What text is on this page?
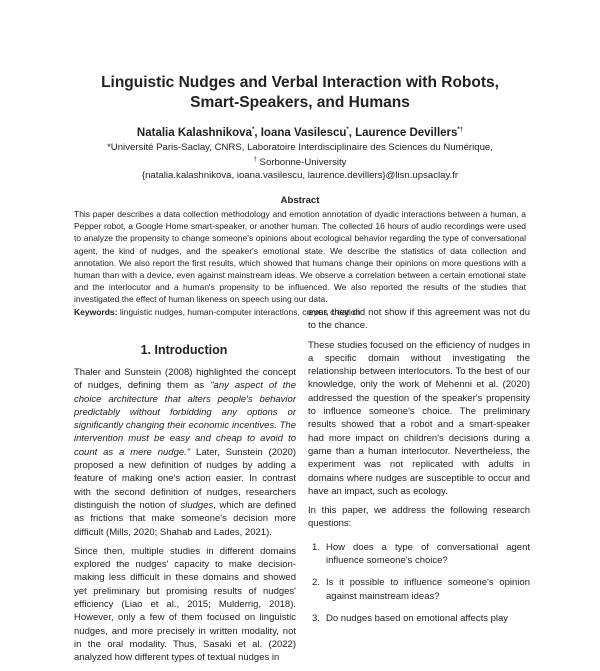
Linguistic Nudges and Verbal Interaction with Robots,
Smart-Speakers, and Humans
Natalia Kalashnikova*, Ioana Vasilescu*, Laurence Devillers*†
*Université Paris-Saclay, CNRS, Laboratoire Interdisciplinaire des Sciences du Numérique,
† Sorbonne-University
{natalia.kalashnikova, ioana.vasilescu, laurence.devillers}@lisn.upsaclay.fr
Abstract
This paper describes a data collection methodology and emotion annotation of dyadic interactions between a human, a Pepper robot, a Google Home smart-speaker, or another human. The collected 16 hours of audio recordings were used to analyze the propensity to change someone's opinions about ecological behavior regarding the type of conversational agent, the kind of nudges, and the speaker's emotional state. We describe the statistics of data collection and annotation. We also report the first results, which showed that humans change their opinions on more questions with a human than with a device, even against mainstream ideas. We observe a correlation between a certain emotional state and the interlocutor and a human's propensity to be influenced. We also reported the results of the studies that investigated the effect of human likeness on speech using our data.
Keywords: linguistic nudges, human-computer interactions, corpus creation
1. Introduction

Thaler and Sunstein (2008) highlighted the concept of nudges, defining them as "any aspect of the choice architecture that alters people's behavior predictably without forbidding any options or significantly changing their economic incentives. The intervention must be easy and cheap to avoid to count as a mere nudge." Later, Sunstein (2020) proposed a new definition of nudges by adding a feature of making one's action easier. In contrast with the second definition of nudges, researchers distinguish the notion of sludges, which are defined as frictions that make someone's decision more difficult (Mills, 2020; Shahab and Lades, 2021).

Since then, multiple studies in different domains explored the nudges' capacity to make decision-making less difficult in these domains and showed yet preliminary but promising results of nudges' efficiency (Liao et al., 2015; Mulderrig, 2018). However, only a few of them focused on linguistic nudges, and more precisely in written modality, not in the oral modality. Thus, Sasaki et al. (2022) analyzed how different types of textual nudges in

ever, they did not show if this agreement was not du to the chance.

These studies focused on the efficiency of nudges in a specific domain without investigating the relationship between interlocutors. To the best of our knowledge, only the work of Mehenni et al. (2020) addressed the question of the speaker's propensity to influence someone's choice. The preliminary results showed that a robot and a smart-speaker had more impact on children's decisions during a game than a human interlocutor. Nevertheless, the experiment was not replicated with adults in domains where nudges are susceptible to occur and have an impact, such as ecology.

In this paper, we address the following research questions:

1. How does a type of conversational agent influence someone's choice?
2. Is it possible to influence someone's opinion against mainstream ideas?
3. Do nudges based on emotional affects play
